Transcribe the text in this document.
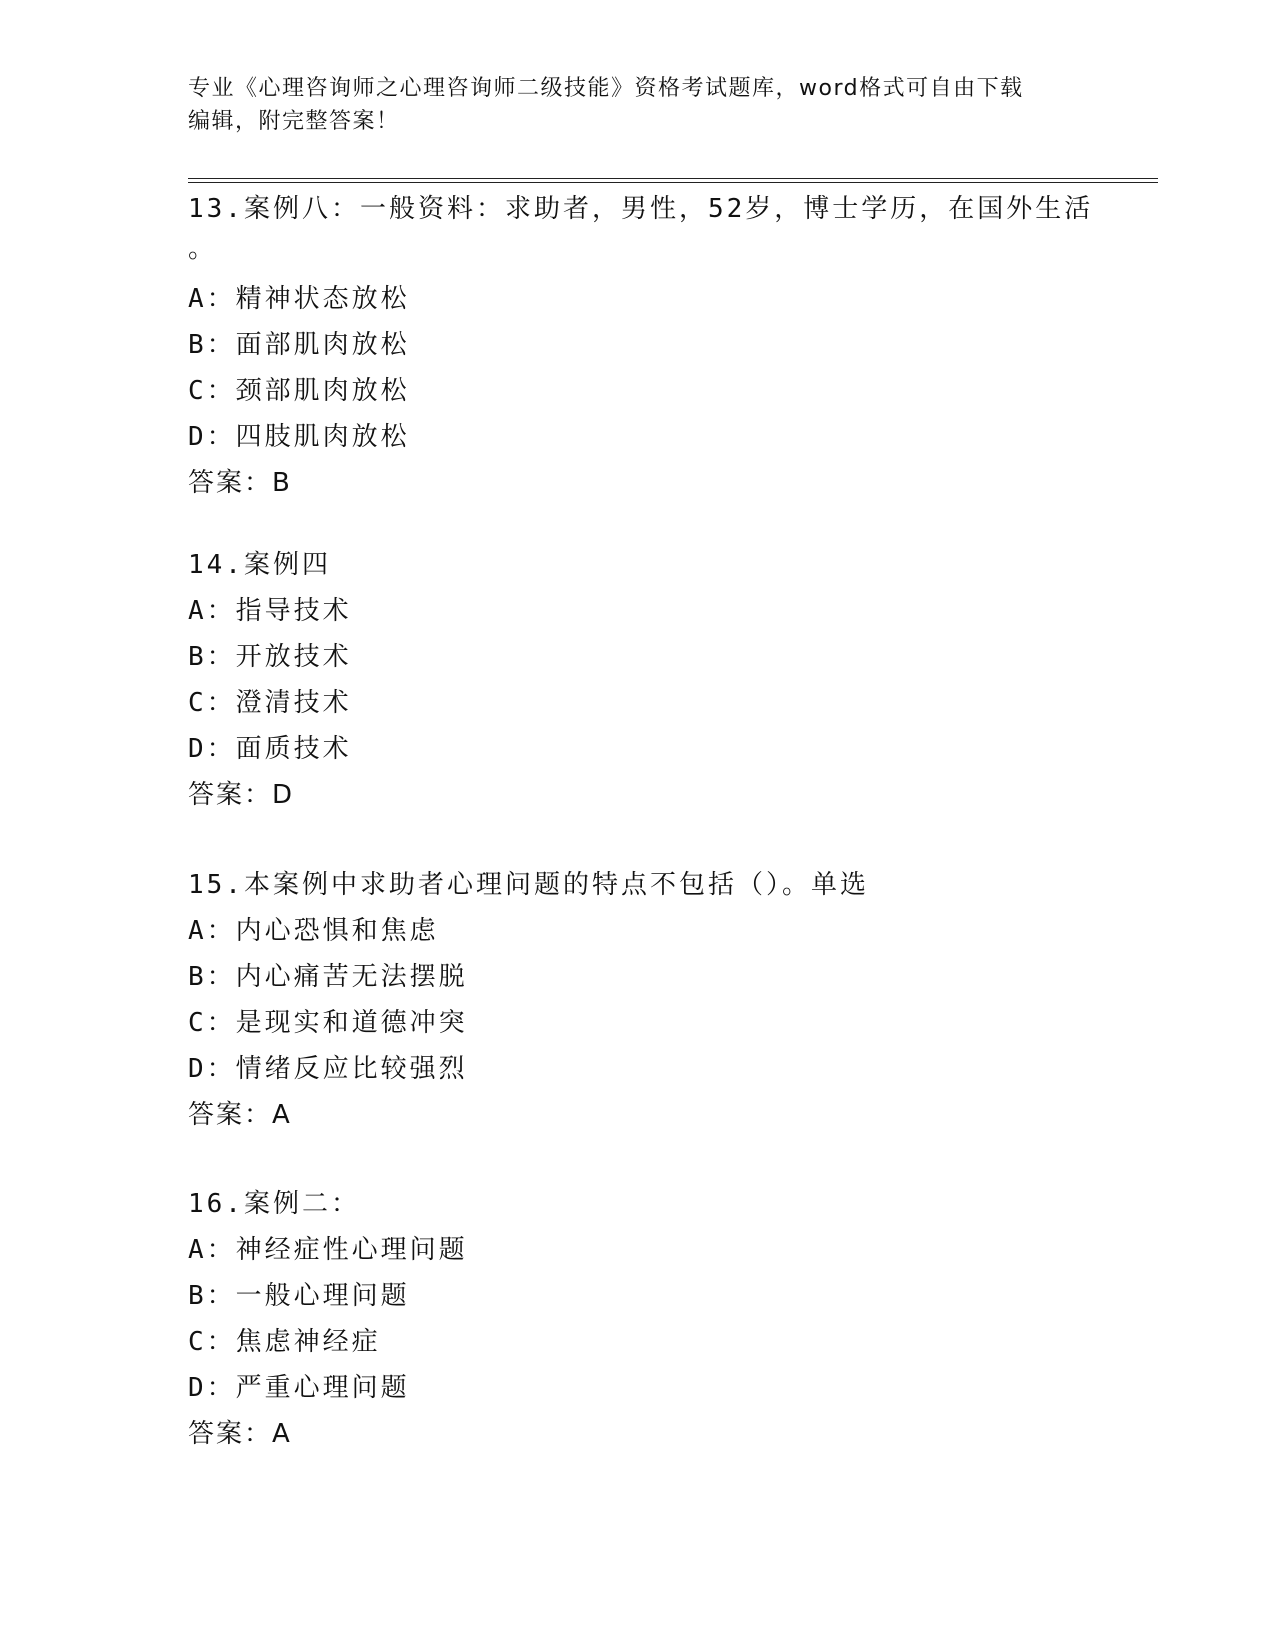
专业《心理咨询师之心理咨询师二级技能》资格考试题库，word格式可自由下载
编辑，附完整答案！
13.案例八：一般资料：求助者，男性，52岁，博士学历，在国外生活
。
A：精神状态放松
B：面部肌肉放松
C：颈部肌肉放松
D：四肢肌肉放松
答案：B
14.案例四
A：指导技术
B：开放技术
C：澄清技术
D：面质技术
答案：D
15.本案例中求助者心理问题的特点不包括（）。单选
A：内心恐惧和焦虑
B：内心痛苦无法摆脱
C：是现实和道德冲突
D：情绪反应比较强烈
答案：A
16.案例二：
A：神经症性心理问题
B：一般心理问题
C：焦虑神经症
D：严重心理问题
答案：A
